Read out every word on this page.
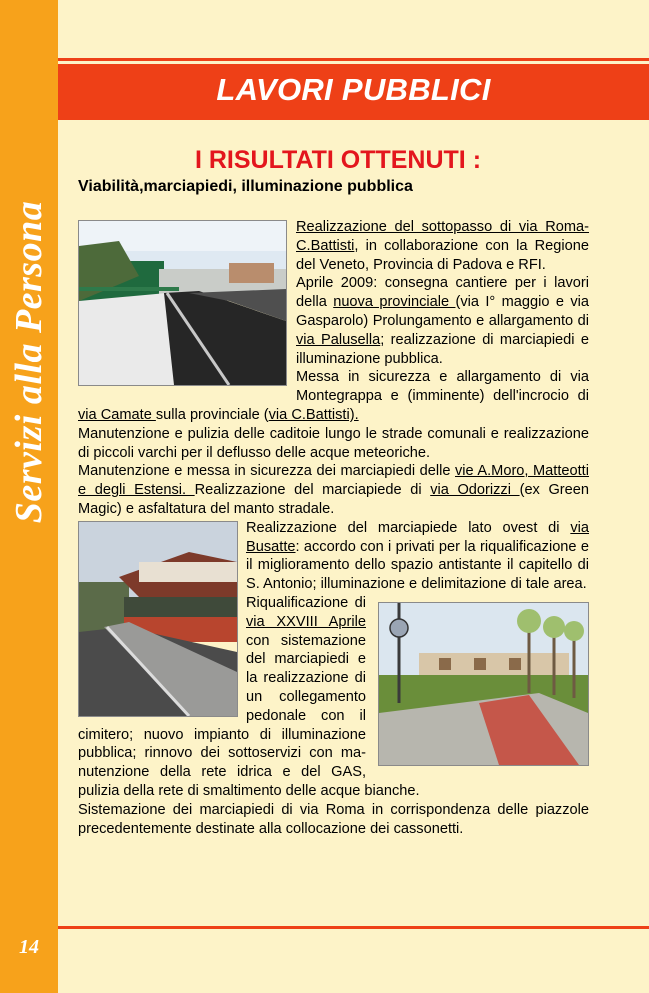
Servizi alla Persona
14
LAVORI PUBBLICI
I RISULTATI OTTENUTI :
Viabilità,marciapiedi, illuminazione pubblica

Realizzazione del sottopasso di via Roma-C.Battisti, in collaborazione con la Regione del Veneto, Provincia di Padova e RFI.
Aprile 2009: consegna cantiere per i lavori della nuova provinciale (via I° maggio e via Gasparolo) Prolungamento e allargamento di via Palusella; realizzazione di marciapiedi e illuminazione pubblica.

Messa in sicurezza e allargamento di via Montegrappa e (imminente) dell'incrocio di via Camate sulla provinciale (via C.Battisti).

Manutenzione e pulizia delle caditoie lungo le strade comunali e realizzazione di piccoli varchi per il deflusso delle acque meteoriche.

Manutenzione e messa in sicurezza dei marciapiedi delle vie A.Moro, Matteotti e degli Estensi. Realizzazione del marciapiede di via Odorizzi (ex Green Magic) e asfaltatura del manto stradale.

Realizzazione del marciapiede lato ovest di via Busatte: accordo con i privati per la riqualificazione e il miglioramento dello spazio antistante il capitello di S. Antonio; illuminazione e delimitazione di tale area.

Riqualificazione di via XXVIII Aprile con sistemazione del marciapiedi e la realizzazione di un collegamento pedonale con il cimitero; nuovo impianto di illuminazione pubblica; rinnovo dei sottoservizi con manutenzione della rete idrica e del GAS, pulizia della rete di smaltimento delle acque bianche.

Sistemazione dei marciapiedi di via Roma in corrispondenza delle piazzole precedentemente destinate alla collocazione dei cassonetti.
